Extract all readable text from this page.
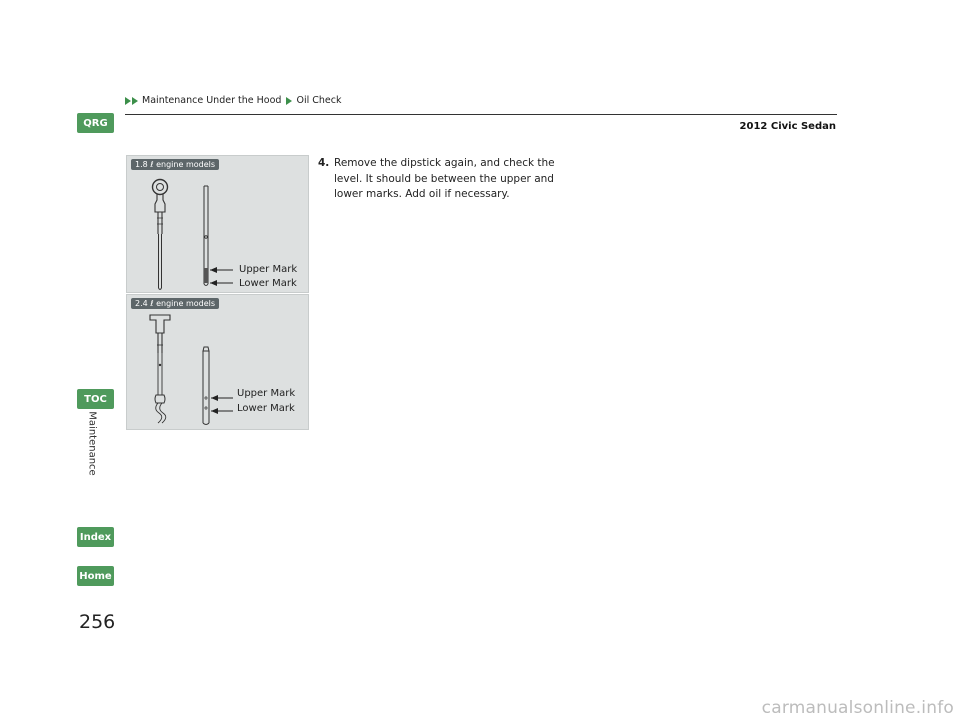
Maintenance Under the Hood Oil Check
2012 Civic Sedan
QRG
TOC
Maintenance
Index
Home
256
1.8 ℓ engine models
Upper Mark
Lower Mark
2.4 ℓ engine models
Upper Mark
Lower Mark
4. Remove the dipstick again, and check the level. It should be between the upper and lower marks. Add oil if necessary.
carmanualsonline.info
